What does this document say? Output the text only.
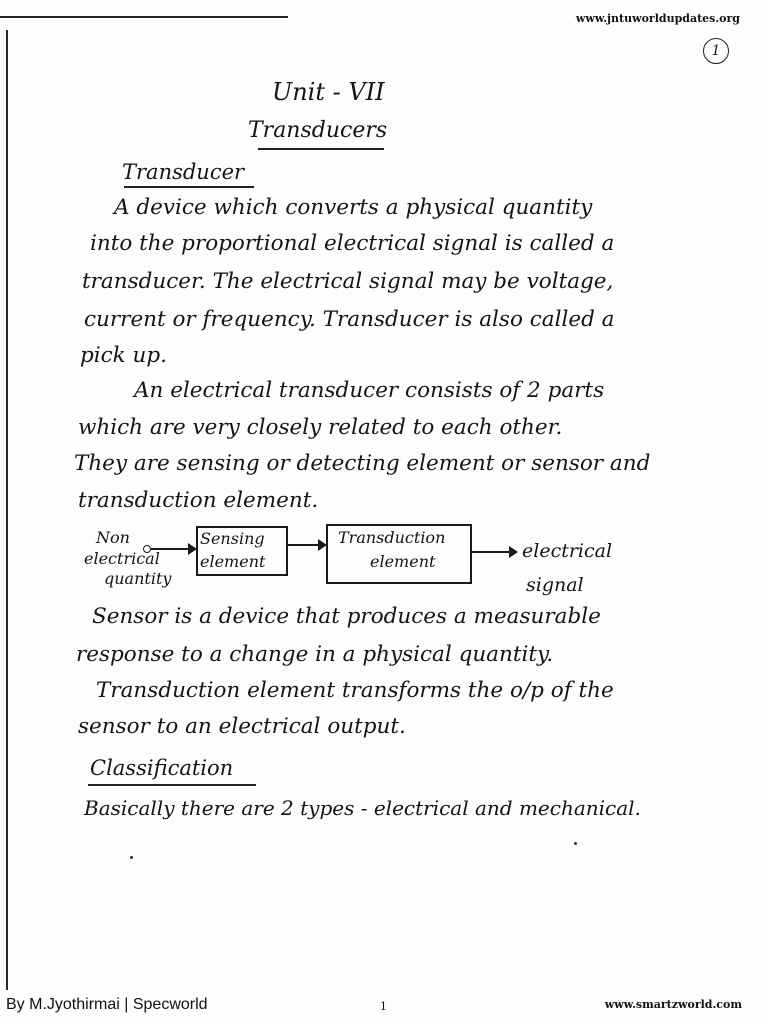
www.jntuworldupdates.org
1
Unit - VII
Transducers
Transducer
A device which converts a physical quantity
into the proportional electrical signal is called a
transducer. The electrical signal may be voltage,
current or frequency. Transducer is also called a
pick up.
An electrical transducer consists of 2 parts
which are very closely related to each other.
They are sensing or detecting element or sensor and
transduction element.
Non
electrical
quantity
Sensing
element
Transduction
element	electrical
signal
Sensor is a device that produces a measurable
response to a change in a physical quantity.
Transduction element transforms the o/p of the
sensor to an electrical output.
Classification
Basically there are 2 types - electrical and mechanical.
By M.Jyothirmai | Specworld	1	www.smartzworld.com
